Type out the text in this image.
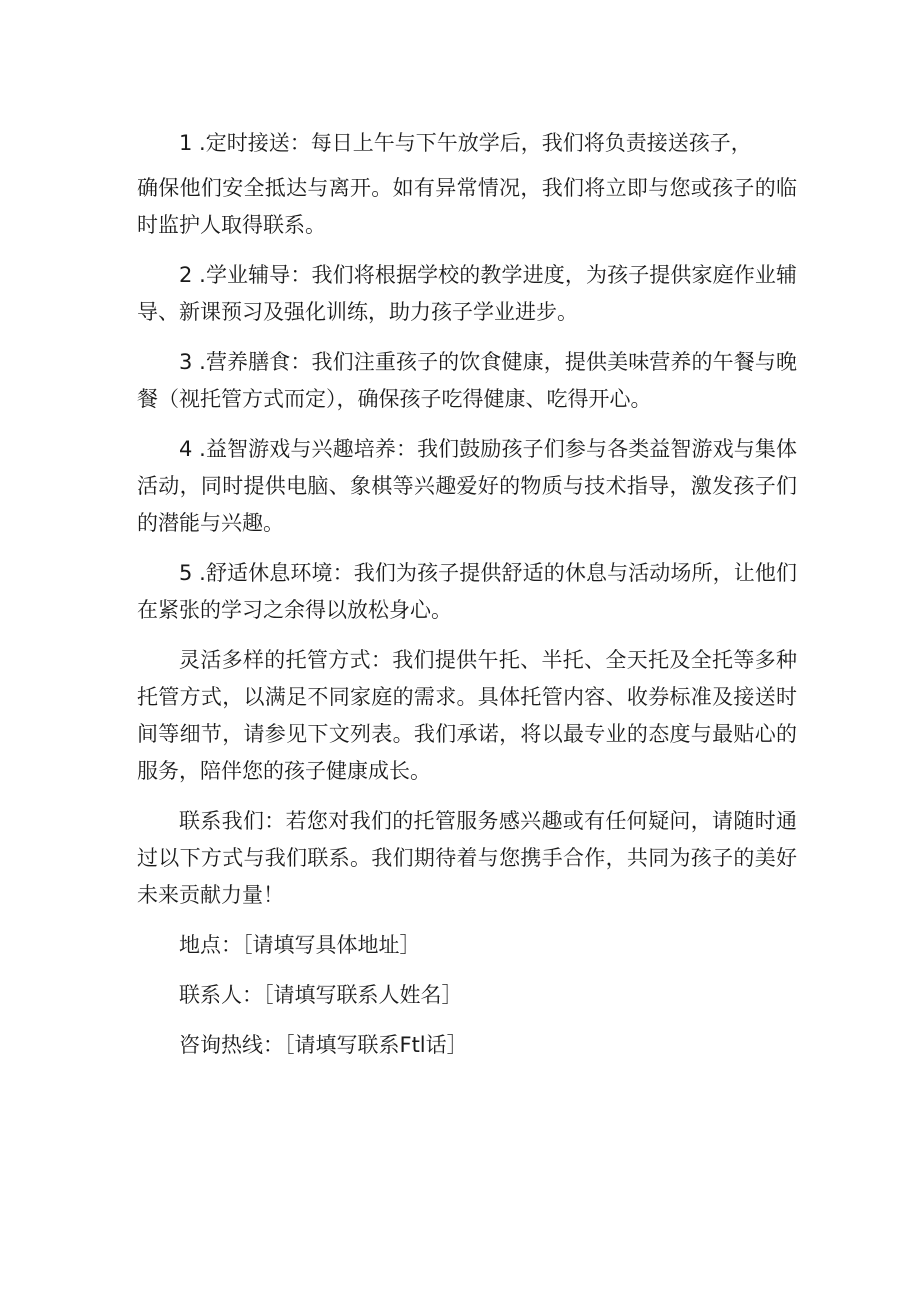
1 .定时接送：每日上午与下午放学后，我们将负责接送孩子，

确保他们安全抵达与离开。如有异常情况，我们将立即与您或孩子的临时监护人取得联系。

2 .学业辅导：我们将根据学校的教学进度，为孩子提供家庭作业辅导、新课预习及强化训练，助力孩子学业进步。

3 .营养膳食：我们注重孩子的饮食健康，提供美味营养的午餐与晚餐（视托管方式而定），确保孩子吃得健康、吃得开心。

4 .益智游戏与兴趣培养：我们鼓励孩子们参与各类益智游戏与集体活动，同时提供电脑、象棋等兴趣爱好的物质与技术指导，激发孩子们的潜能与兴趣。

5 .舒适休息环境：我们为孩子提供舒适的休息与活动场所，让他们在紧张的学习之余得以放松身心。

灵活多样的托管方式：我们提供午托、半托、全天托及全托等多种托管方式，以满足不同家庭的需求。具体托管内容、收券标准及接送时间等细节，请参见下文列表。我们承诺，将以最专业的态度与最贴心的服务，陪伴您的孩子健康成长。

联系我们：若您对我们的托管服务感兴趣或有任何疑问，请随时通过以下方式与我们联系。我们期待着与您携手合作，共同为孩子的美好未来贡献力量！

地点：［请填写具体地址］

联系人：［请填写联系人姓名］

咨询热线：［请填写联系Ftl话］
